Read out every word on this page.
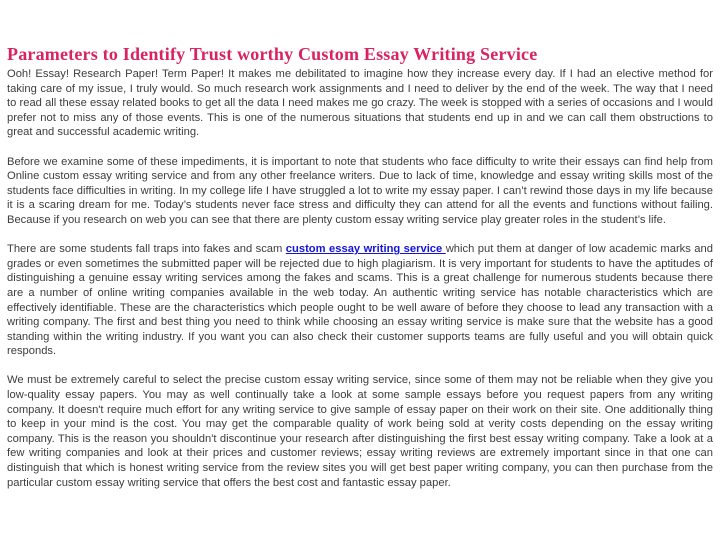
Parameters to Identify Trust worthy Custom Essay Writing Service

Ooh! Essay! Research Paper! Term Paper! It makes me debilitated to imagine how they increase every day. If I had an elective method for taking care of my issue, I truly would. So much research work assignments and I need to deliver by the end of the week. The way that I need to read all these essay related books to get all the data I need makes me go crazy. The week is stopped with a series of occasions and I would prefer not to miss any of those events. This is one of the numerous situations that students end up in and we can call them obstructions to great and successful academic writing.

Before we examine some of these impediments, it is important to note that students who face difficulty to write their essays can find help from Online custom essay writing service and from any other freelance writers. Due to lack of time, knowledge and essay writing skills most of the students face difficulties in writing. In my college life I have struggled a lot to write my essay paper. I can’t rewind those days in my life because it is a scaring dream for me. Today’s students never face stress and difficulty they can attend for all the events and functions without failing. Because if you research on web you can see that there are plenty custom essay writing service play greater roles in the student’s life.

There are some students fall traps into fakes and scam custom essay writing service which put them at danger of low academic marks and grades or even sometimes the submitted paper will be rejected due to high plagiarism. It is very important for students to have the aptitudes of distinguishing a genuine essay writing services among the fakes and scams. This is a great challenge for numerous students because there are a number of online writing companies available in the web today. An authentic writing service has notable characteristics which are effectively identifiable. These are the characteristics which people ought to be well aware of before they choose to lead any transaction with a writing company. The first and best thing you need to think while choosing an essay writing service is make sure that the website has a good standing within the writing industry. If you want you can also check their customer supports teams are fully useful and you will obtain quick responds.

We must be extremely careful to select the precise custom essay writing service, since some of them may not be reliable when they give you low-quality essay papers. You may as well continually take a look at some sample essays before you request papers from any writing company. It doesn't require much effort for any writing service to give sample of essay paper on their work on their site. One additionally thing to keep in your mind is the cost. You may get the comparable quality of work being sold at verity costs depending on the essay writing company. This is the reason you shouldn't discontinue your research after distinguishing the first best essay writing company. Take a look at a few writing companies and look at their prices and customer reviews; essay writing reviews are extremely important since in that one can distinguish that which is honest writing service from the review sites you will get best paper writing company, you can then purchase from the particular custom essay writing service that offers the best cost and fantastic essay paper.
